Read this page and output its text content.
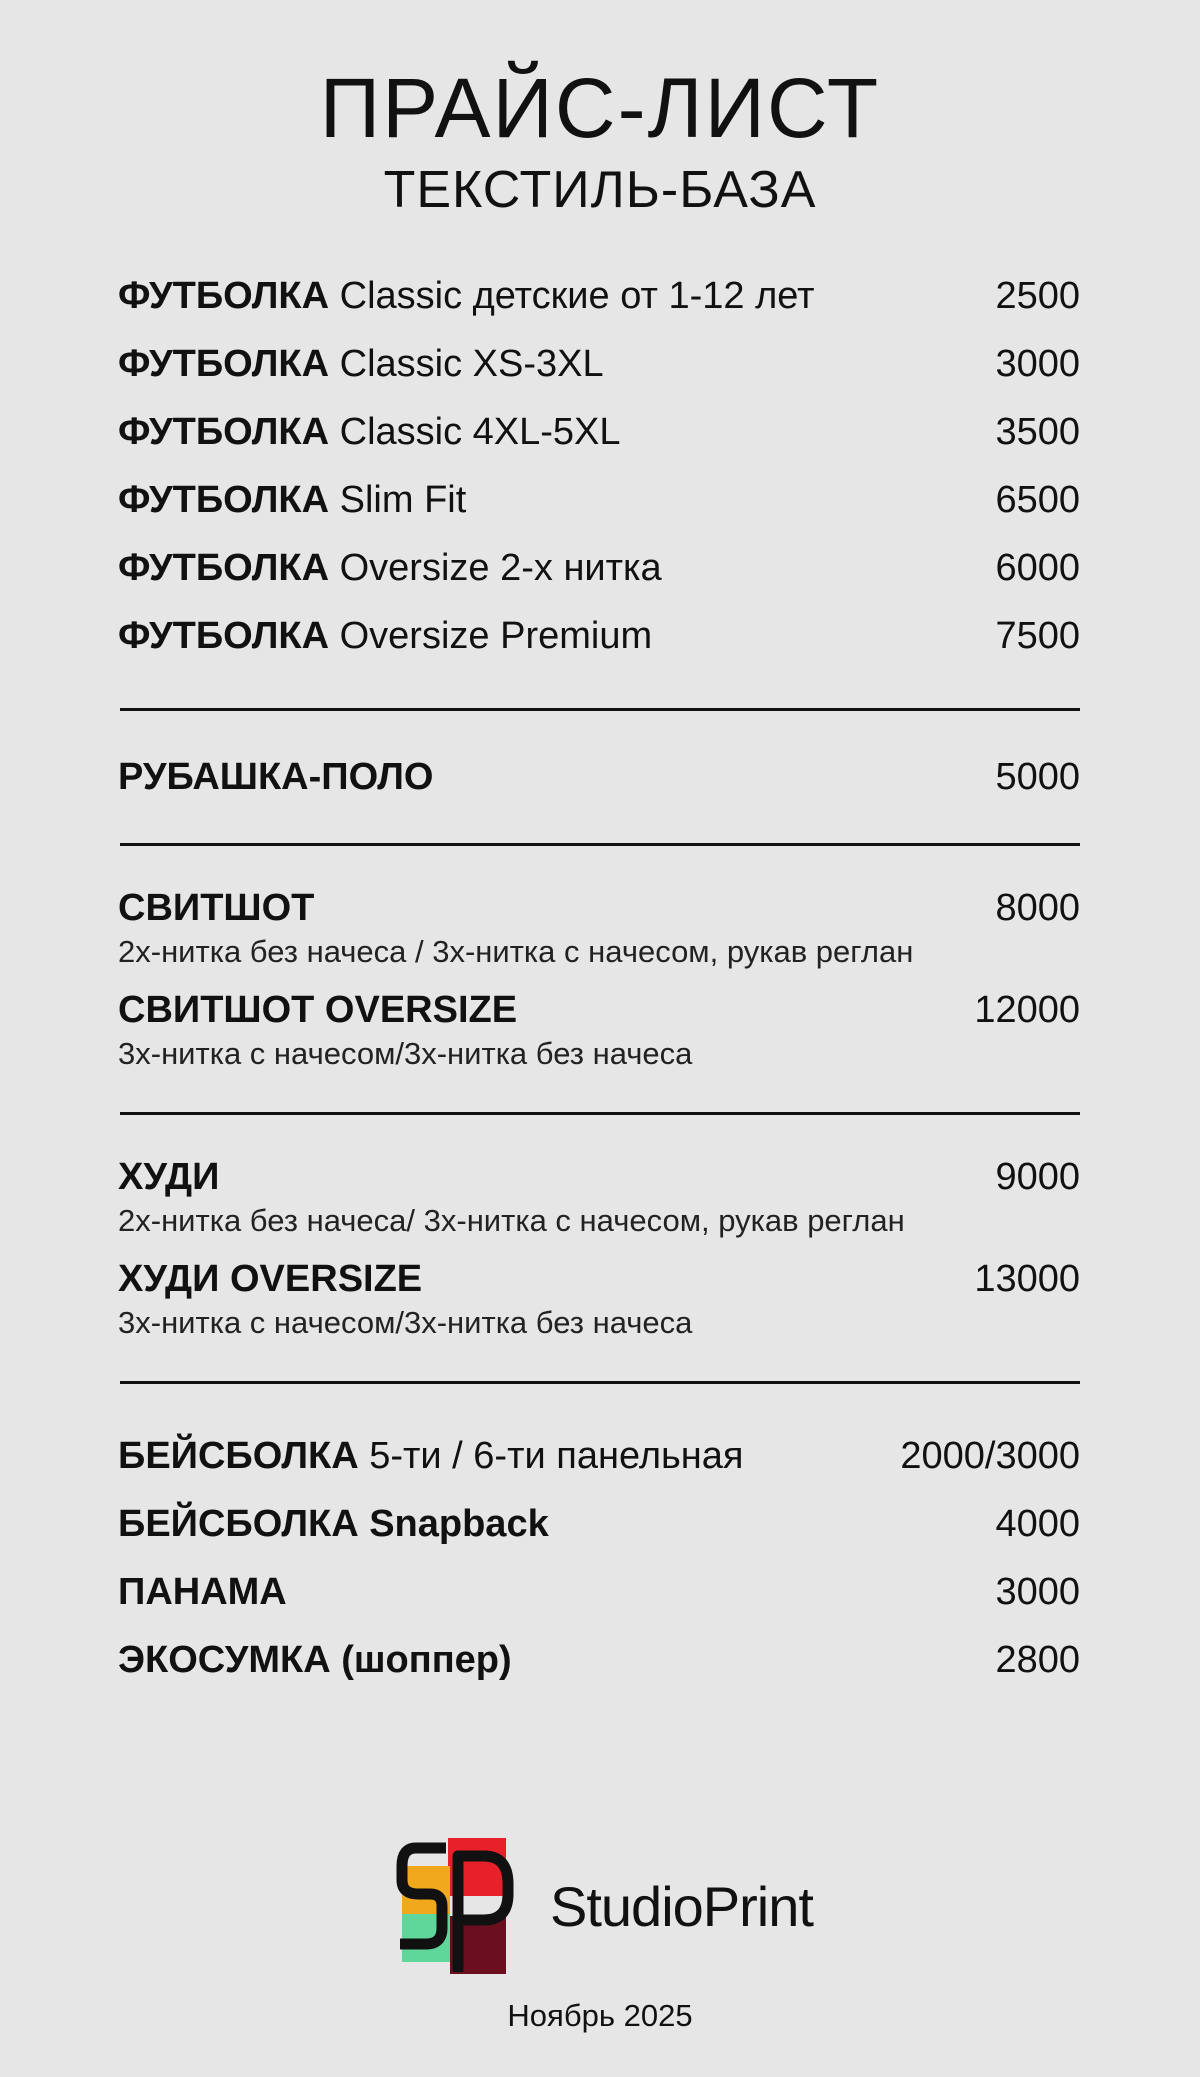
ПРАЙС-ЛИСТ
ТЕКСТИЛЬ-БАЗА
ФУТБОЛКА Classic детские от 1-12 лет	2500
ФУТБОЛКА Classic XS-3XL	3000
ФУТБОЛКА Classic 4XL-5XL	3500
ФУТБОЛКА Slim Fit	6500
ФУТБОЛКА Oversize 2-х нитка	6000
ФУТБОЛКА Oversize Premium	7500
РУБАШКА-ПОЛО	5000
СВИТШОТ	8000
2х-нитка без начеса / 3х-нитка с начесом, рукав реглан
СВИТШОТ OVERSIZE	12000
3х-нитка с начесом/3х-нитка без начеса
ХУДИ	9000
2х-нитка без начеса/ 3х-нитка с начесом, рукав реглан
ХУДИ OVERSIZE	13000
3х-нитка с начесом/3х-нитка без начеса
БЕЙСБОЛКА 5-ти / 6-ти панельная	2000/3000
БЕЙСБОЛКА Snapback	4000
ПАНАМА	3000
ЭКОСУМКА (шоппер)	2800
StudioPrint
Ноябрь 2025
